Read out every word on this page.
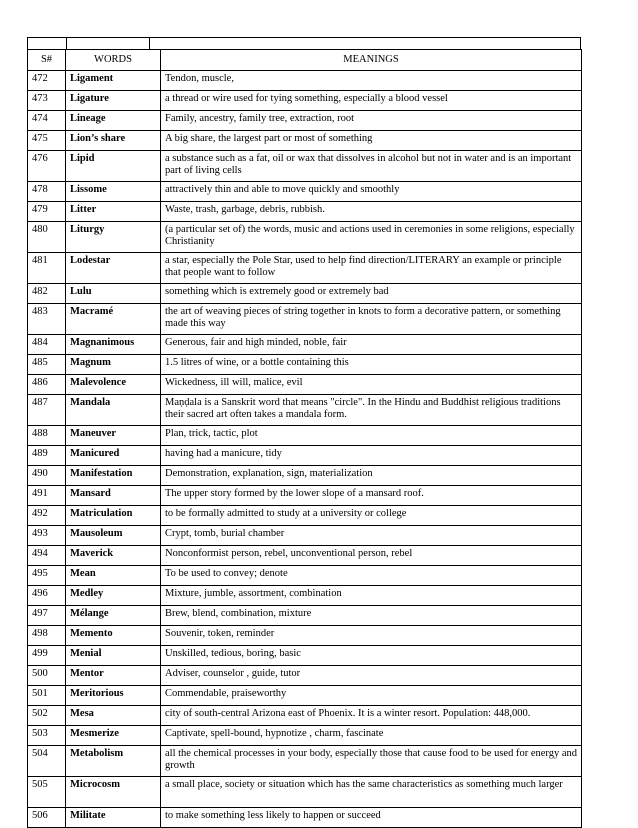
S#	WORDS	MEANINGS
472	Ligament	Tendon, muscle,
473	Ligature	a thread or wire used for tying something, especially a blood vessel
474	Lineage	Family, ancestry, family tree, extraction, root
475	Lion’s share	A big share, the largest part or most of something
476	Lipid	a substance such as a fat, oil or wax that dissolves in alcohol but not in water and is an important part of living cells
478	Lissome	attractively thin and able to move quickly and smoothly
479	Litter	Waste, trash, garbage, debris, rubbish.
480	Liturgy	(a particular set of) the words, music and actions used in ceremonies in some religions, especially Christianity
481	Lodestar	a star, especially the Pole Star, used to help find direction/LITERARY an example or principle that people want to follow
482	Lulu	something which is extremely good or extremely bad
483	Macramé	the art of weaving pieces of string together in knots to form a decorative pattern, or something made this way
484	Magnanimous	Generous, fair and high minded, noble, fair
485	Magnum	1.5 litres of wine, or a bottle containing this
486	Malevolence	Wickedness, ill will, malice, evil
487	Mandala	Maṇḍala is a Sanskrit word that means "circle". In the Hindu and Buddhist religious traditions their sacred art often takes a mandala form.
488	Maneuver	Plan, trick, tactic, plot
489	Manicured	having had a manicure, tidy
490	Manifestation	Demonstration, explanation, sign, materialization
491	Mansard	The upper story formed by the lower slope of a mansard roof.
492	Matriculation	to be formally admitted to study at a university or college
493	Mausoleum	Crypt, tomb, burial chamber
494	Maverick	Nonconformist person, rebel, unconventional person, rebel
495	Mean	To be used to convey; denote
496	Medley	Mixture, jumble, assortment, combination
497	Mélange	Brew, blend, combination, mixture
498	Memento	Souvenir, token, reminder
499	Menial	Unskilled, tedious, boring, basic
500	Mentor	Adviser, counselor , guide, tutor
501	Meritorious	Commendable, praiseworthy
502	Mesa	city of south-central Arizona east of Phoenix. It is a winter resort. Population: 448,000.
503	Mesmerize	Captivate, spell-bound, hypnotize , charm, fascinate
504	Metabolism	all the chemical processes in your body, especially those that cause food to be used for energy and growth
505	Microcosm	a small place, society or situation which has the same characteristics as something much larger
506	Militate	to make something less likely to happen or succeed
